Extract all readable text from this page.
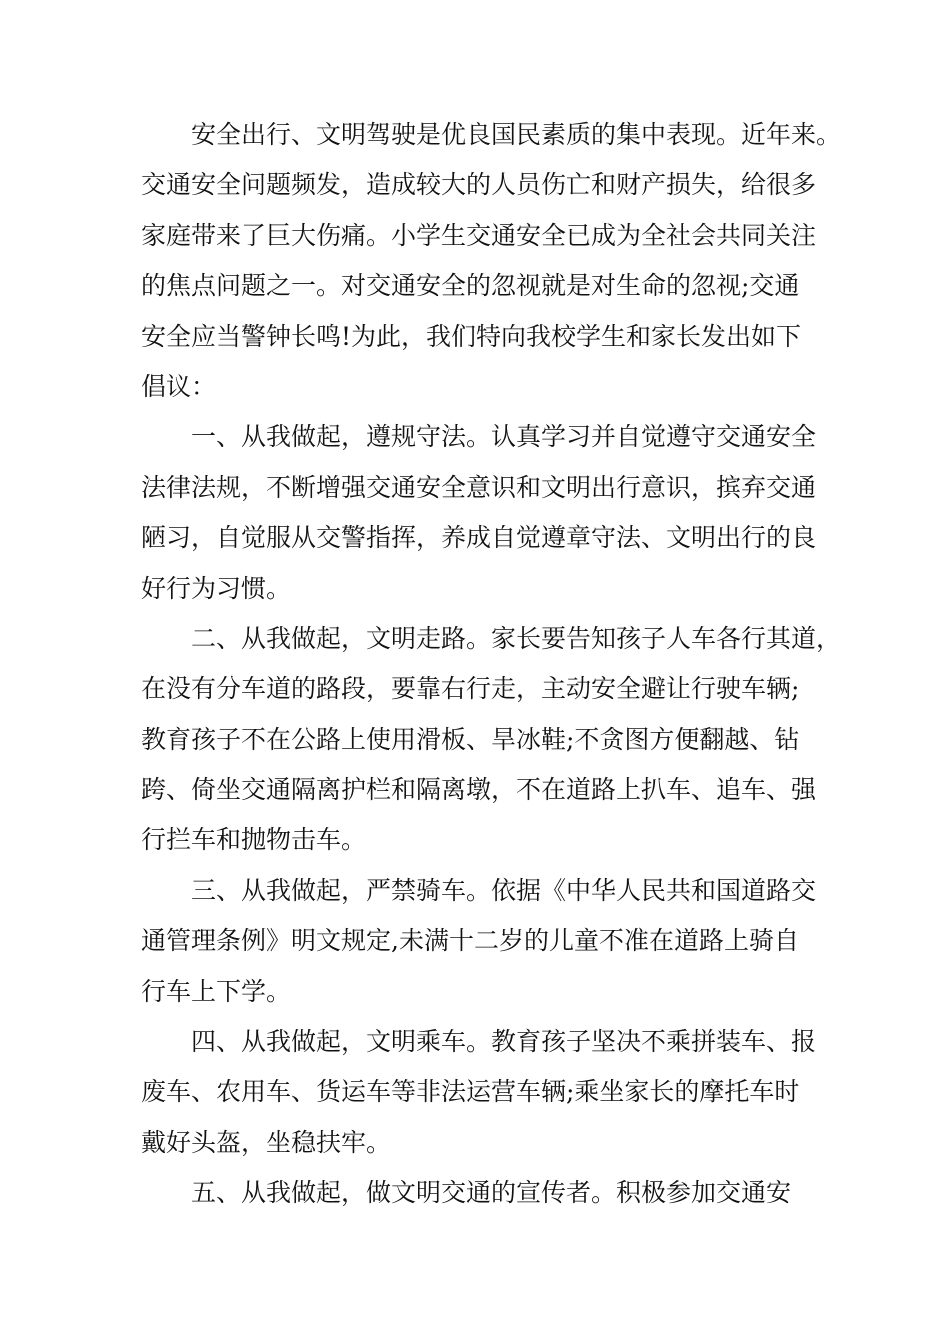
安全出行、文明驾驶是优良国民素质的集中表现。近年来。
交通安全问题频发，造成较大的人员伤亡和财产损失，给很多
家庭带来了巨大伤痛。小学生交通安全已成为全社会共同关注
的焦点问题之一。对交通安全的忽视就是对生命的忽视;交通
安全应当警钟长鸣!为此，我们特向我校学生和家长发出如下
倡议：
一、从我做起，遵规守法。认真学习并自觉遵守交通安全
法律法规，不断增强交通安全意识和文明出行意识，摈弃交通
陋习，自觉服从交警指挥，养成自觉遵章守法、文明出行的良
好行为习惯。
二、从我做起，文明走路。家长要告知孩子人车各行其道，
在没有分车道的路段，要靠右行走，主动安全避让行驶车辆;
教育孩子不在公路上使用滑板、旱冰鞋;不贪图方便翻越、钻
跨、倚坐交通隔离护栏和隔离墩，不在道路上扒车、追车、强
行拦车和抛物击车。
三、从我做起，严禁骑车。依据《中华人民共和国道路交
通管理条例》明文规定,未满十二岁的儿童不准在道路上骑自
行车上下学。
四、从我做起，文明乘车。教育孩子坚决不乘拼装车、报
废车、农用车、货运车等非法运营车辆;乘坐家长的摩托车时
戴好头盔，坐稳扶牢。
五、从我做起，做文明交通的宣传者。积极参加交通安
